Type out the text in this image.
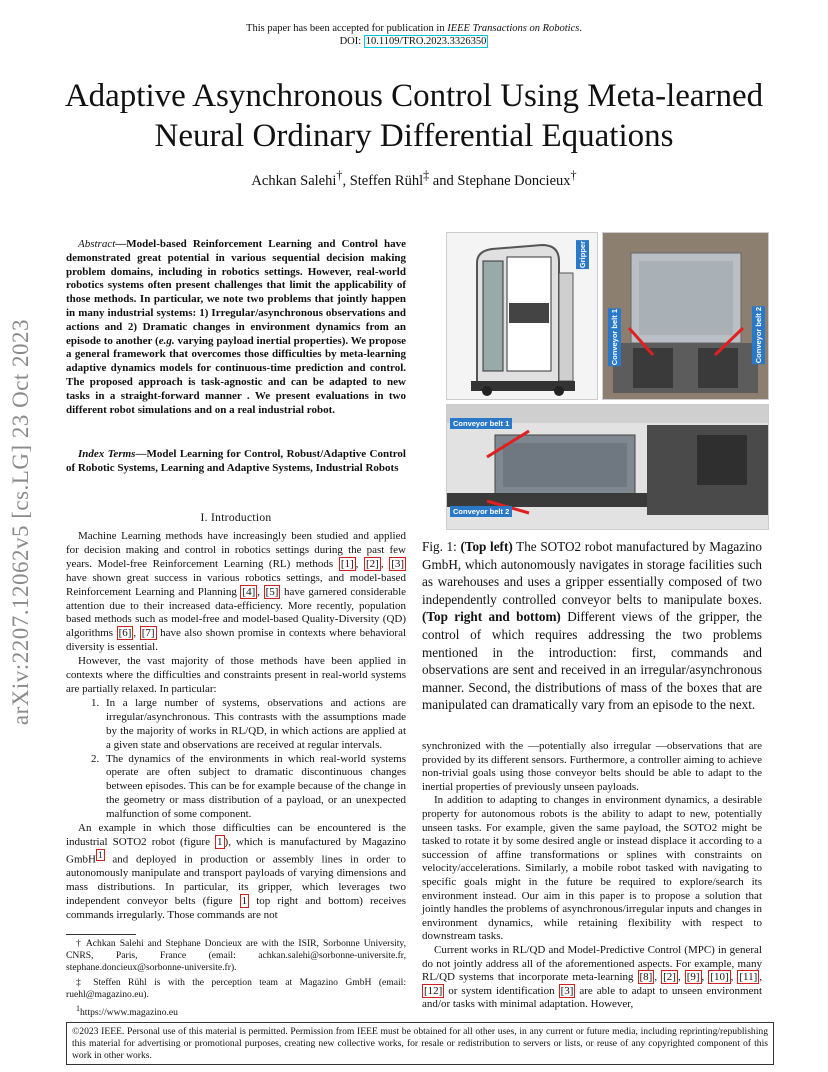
This paper has been accepted for publication in IEEE Transactions on Robotics.
DOI: 10.1109/TRO.2023.3326350
arXiv:2207.12062v5 [cs.LG] 23 Oct 2023
Adaptive Asynchronous Control Using Meta-learned
Neural Ordinary Differential Equations
Achkan Salehi†, Steffen Rühl‡ and Stephane Doncieux†
Abstract—Model-based Reinforcement Learning and Control have demonstrated great potential in various sequential decision making problem domains, including in robotics settings. However, real-world robotics systems often present challenges that limit the applicability of those methods. In particular, we note two problems that jointly happen in many industrial systems: 1) Irregular/asynchronous observations and actions and 2) Dramatic changes in environment dynamics from an episode to another (e.g. varying payload inertial properties). We propose a general framework that overcomes those difficulties by meta-learning adaptive dynamics models for continuous-time prediction and control. The proposed approach is task-agnostic and can be adapted to new tasks in a straight-forward manner . We present evaluations in two different robot simulations and on a real industrial robot.
Index Terms—Model Learning for Control, Robust/Adaptive Control of Robotic Systems, Learning and Adaptive Systems, Industrial Robots
I. Introduction

Machine Learning methods have increasingly been studied and applied for decision making and control in robotics settings during the past few years. Model-free Reinforcement Learning (RL) methods [1] , [2] , [3] have shown great success in various robotics settings, and model-based Reinforcement Learning and Planning [4] , [5] have garnered considerable attention due to their increased data-efficiency. More recently, population based methods such as model-free and model-based Quality-Diversity (QD) algorithms [6] , [7] have also shown promise in contexts where behavioral diversity is essential.

However, the vast majority of those methods have been applied in contexts where the difficulties and constraints present in real-world systems are partially relaxed. In particular:

1. In a large number of systems, observations and actions are irregular/asynchronous. This contrasts with the assumptions made by the majority of works in RL/QD, in which actions are applied at a given state and observations are received at regular intervals.
2. The dynamics of the environments in which real-world systems operate are often subject to dramatic discontinuous changes between episodes. This can be for example because of the change in the geometry or mass distribution of a payload, or an unexpected malfunction of some component.

An example in which those difficulties can be encountered is the industrial SOTO2 robot (figure 1 ), which is manufactured by Magazino GmbH $^1$ and deployed in production or assembly lines in order to autonomously manipulate and transport payloads of varying dimensions and mass distributions. In particular, its gripper, which leverages two independent conveyor belts (figure 1 top right and bottom) receives commands irregularly. Those commands are not

† Achkan Salehi and Stephane Doncieux are with the ISIR, Sorbonne University, CNRS, Paris, France (email: achkan.salehi@sorbonne-universite.fr, stephane.doncieux@sorbonne-universite.fr).

‡ Steffen Rühl is with the perception team at Magazino GmbH (email: ruehl@magazino.eu).

$^1$https://www.magazino.eu

Gripper
Conveyor belt 1	Conveyor belt 2
Conveyor belt 1
Conveyor belt 2
Fig. 1: (Top left) The SOTO2 robot manufactured by Magazino GmbH, which autonomously navigates in storage facilities such as warehouses and uses a gripper essentially composed of two independently controlled conveyor belts to manipulate boxes. (Top right and bottom) Different views of the gripper, the control of which requires addressing the two problems mentioned in the introduction: first, commands and observations are sent and received in an irregular/asynchronous manner. Second, the distributions of mass of the boxes that are manipulated can dramatically vary from an episode to the next.

synchronized with the —potentially also irregular —observations that are provided by its different sensors. Furthermore, a controller aiming to achieve non-trivial goals using those conveyor belts should be able to adapt to the inertial properties of previously unseen payloads.

In addition to adapting to changes in environment dynamics, a desirable property for autonomous robots is the ability to adapt to new, potentially unseen tasks. For example, given the same payload, the SOTO2 might be tasked to rotate it by some desired angle or instead displace it according to a succession of affine transformations or splines with constraints on velocity/accelerations. Similarly, a mobile robot tasked with navigating to specific goals might in the future be required to explore/search its environment instead. Our aim in this paper is to propose a solution that jointly handles the problems of asynchronous/irregular inputs and changes in environment dynamics, while retaining flexibility with respect to downstream tasks.

Current works in RL/QD and Model-Predictive Control (MPC) in general do not jointly address all of the aforementioned aspects. For example, many RL/QD systems that incorporate meta-learning [8] , [2] , [9] , [10] , [11] , [12] or system identification [3] are able to adapt to unseen environment and/or tasks with minimal adaptation. However,

©2023 IEEE. Personal use of this material is permitted. Permission from IEEE must be obtained for all other uses, in any current or future media, including reprinting/republishing this material for advertising or promotional purposes, creating new collective works, for resale or redistribution to servers or lists, or reuse of any copyrighted component of this work in other works.
